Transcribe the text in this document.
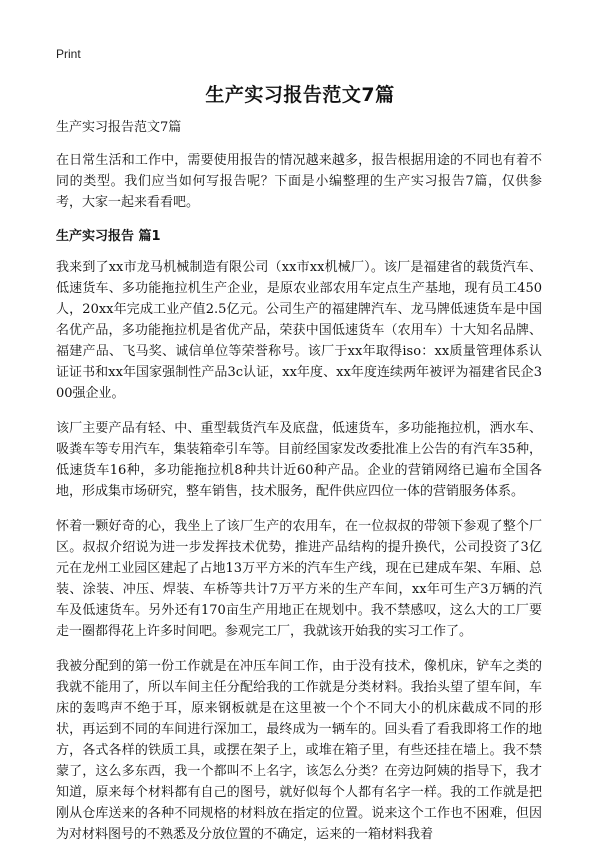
Print
生产实习报告范文7篇
生产实习报告范文7篇

在日常生活和工作中，需要使用报告的情况越来越多，报告根据用途的不同也有着不同的类型。我们应当如何写报告呢？下面是小编整理的生产实习报告7篇，仅供参考，大家一起来看看吧。

生产实习报告 篇1

我来到了xx市龙马机械制造有限公司（xx市xx机械厂）。该厂是福建省的载货汽车、低速货车、多功能拖拉机生产企业，是原农业部农用车定点生产基地，现有员工450人，20xx年完成工业产值2.5亿元。公司生产的福建牌汽车、龙马牌低速货车是中国名优产品，多功能拖拉机是省优产品，荣获中国低速货车（农用车）十大知名品牌、福建产品、飞马奖、诚信单位等荣誉称号。该厂于xx年取得iso：xx质量管理体系认证证书和xx年国家强制性产品3c认证，xx年度、xx年度连续两年被评为福建省民企300强企业。

该厂主要产品有轻、中、重型载货汽车及底盘，低速货车，多功能拖拉机，洒水车、吸粪车等专用汽车，集装箱牵引车等。目前经国家发改委批准上公告的有汽车35种，低速货车16种，多功能拖拉机8种共计近60种产品。企业的营销网络已遍布全国各地，形成集市场研究，整车销售，技术服务，配件供应四位一体的营销服务体系。

怀着一颗好奇的心，我坐上了该厂生产的农用车，在一位叔叔的带领下参观了整个厂区。叔叔介绍说为进一步发挥技术优势，推进产品结构的提升换代，公司投资了3亿元在龙州工业园区建起了占地13万平方米的汽车生产线，现在已建成车架、车厢、总装、涂装、冲压、焊装、车桥等共计7万平方米的生产车间，xx年可生产3万辆的汽车及低速货车。另外还有170亩生产用地正在规划中。我不禁感叹，这么大的工厂要走一圈都得花上许多时间吧。参观完工厂，我就该开始我的实习工作了。

我被分配到的第一份工作就是在冲压车间工作，由于没有技术，像机床，铲车之类的我就不能用了，所以车间主任分配给我的工作就是分类材料。我抬头望了望车间，车床的轰鸣声不绝于耳，原来钢板就是在这里被一个个不同大小的机床截成不同的形状，再运到不同的车间进行深加工，最终成为一辆车的。回头看了看我即将工作的地方，各式各样的铁质工具，或摆在架子上，或堆在箱子里，有些还挂在墙上。我不禁蒙了，这么多东西，我一个都叫不上名字，该怎么分类？在旁边阿姨的指导下，我才知道，原来每个材料都有自己的图号，就好似每个人都有名字一样。我的工作就是把刚从仓库送来的各种不同规格的材料放在指定的位置。说来这个工作也不困难，但因为对材料图号的不熟悉及分放位置的不确定，运来的一箱材料我着
